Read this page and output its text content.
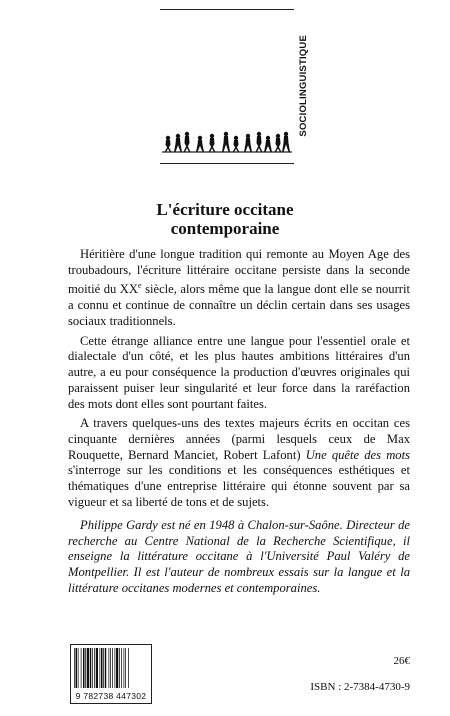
SOCIOLINGUISTIQUE
L'écriture occitane
contemporaine

Héritière d'une longue tradition qui remonte au Moyen Age des troubadours, l'écriture littéraire occitane persiste dans la seconde moitié du XXe siècle, alors même que la langue dont elle se nourrit a connu et continue de connaître un déclin certain dans ses usages sociaux traditionnels.

Cette étrange alliance entre une langue pour l'essentiel orale et dialectale d'un côté, et les plus hautes ambitions littéraires d'un autre, a eu pour conséquence la production d'œuvres originales qui paraissent puiser leur singularité et leur force dans la raréfaction des mots dont elles sont pourtant faites.

A travers quelques-uns des textes majeurs écrits en occitan ces cinquante dernières années (parmi lesquels ceux de Max Rouquette, Bernard Manciet, Robert Lafont) Une quête des mots s'interroge sur les conditions et les conséquences esthétiques et thématiques d'une entreprise littéraire qui étonne souvent par sa vigueur et sa liberté de tons et de sujets.

Philippe Gardy est né en 1948 à Chalon-sur-Saône. Directeur de recherche au Centre National de la Recherche Scientifique, il enseigne la littérature occitane à l'Université Paul Valéry de Montpellier. Il est l'auteur de nombreux essais sur la langue et la littérature occitanes modernes et contemporaines.

9 782738 447302
26€
ISBN : 2-7384-4730-9
